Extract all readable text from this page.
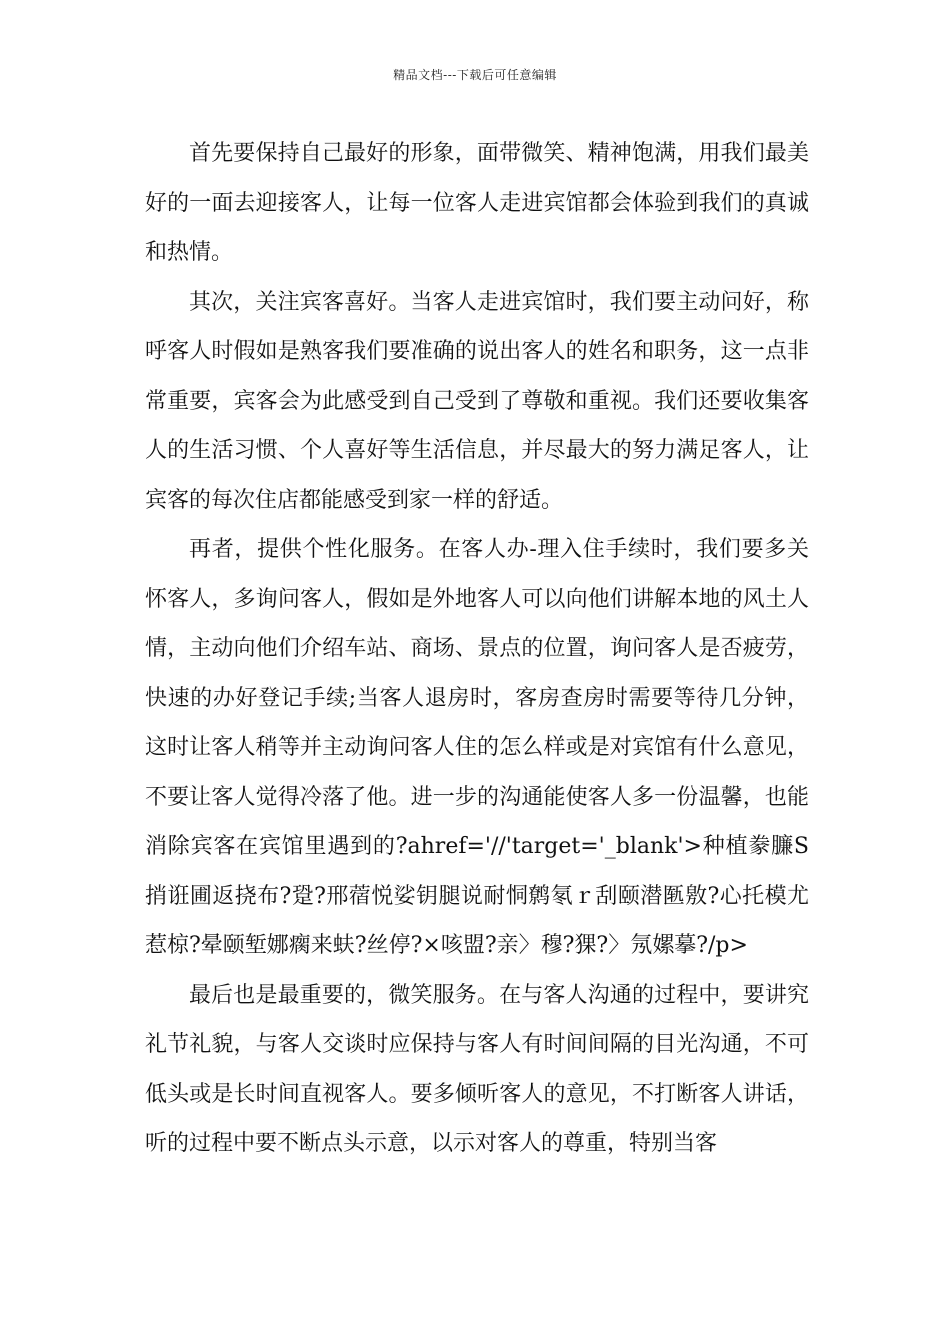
精品文档---下载后可任意编辑

首先要保持自己最好的形象，面带微笑、精神饱满，用我们最美好的一面去迎接客人，让每一位客人走进宾馆都会体验到我们的真诚和热情。

其次，关注宾客喜好。当客人走进宾馆时，我们要主动问好，称呼客人时假如是熟客我们要准确的说出客人的姓名和职务，这一点非常重要，宾客会为此感受到自己受到了尊敬和重视。我们还要收集客人的生活习惯、个人喜好等生活信息，并尽最大的努力满足客人，让宾客的每次住店都能感受到家一样的舒适。

再者，提供个性化服务。在客人办-理入住手续时，我们要多关怀客人，多询问客人，假如是外地客人可以向他们讲解本地的风土人情，主动向他们介绍车站、商场、景点的位置，询问客人是否疲劳，快速的办好登记手续;当客人退房时，客房查房时需要等待几分钟，这时让客人稍等并主动询问客人住的怎么样或是对宾馆有什么意见，不要让客人觉得冷落了他。进一步的沟通能使客人多一份温馨，也能消除宾客在宾馆里遇到的?ahref='//'target='_blank'>种植豢臁S捎诳圃返挠布?跫?邢蓿悦娑钥腿说耐恫鹩氡ｒ刮颐潜匦敫?心托模尤惹椋?晕颐堑娜瘸来蚨?丝停?×咳盟?亲〉穆?猓?〉氖嫘摹?/p>

最后也是最重要的，微笑服务。在与客人沟通的过程中，要讲究礼节礼貌，与客人交谈时应保持与客人有时间间隔的目光沟通，不可低头或是长时间直视客人。要多倾听客人的意见，不打断客人讲话，听的过程中要不断点头示意，以示对客人的尊重，特别当客
